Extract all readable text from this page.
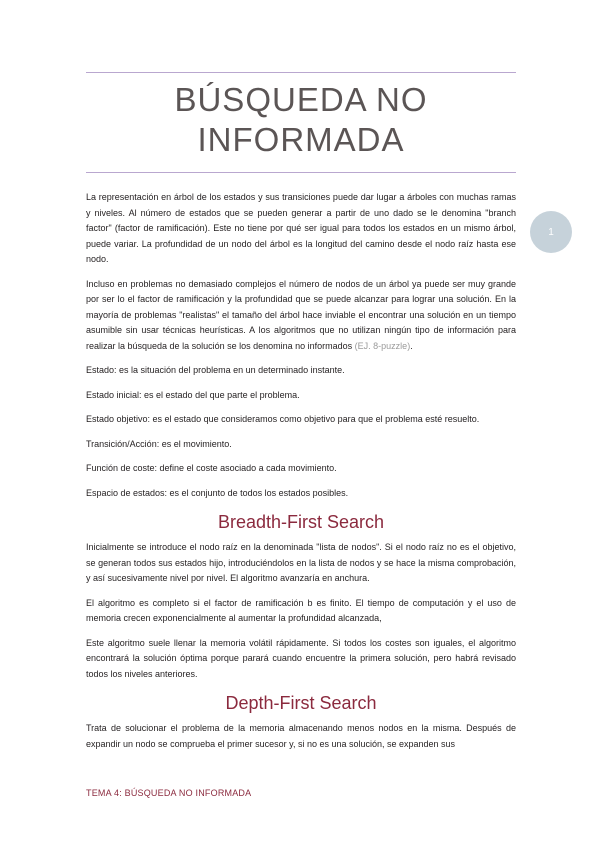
BÚSQUEDA NO
INFORMADA
1

La representación en árbol de los estados y sus transiciones puede dar lugar a árboles con muchas ramas y niveles. Al número de estados que se pueden generar a partir de uno dado se le denomina "branch factor" (factor de ramificación). Este no tiene por qué ser igual para todos los estados en un mismo árbol, puede variar. La profundidad de un nodo del árbol es la longitud del camino desde el nodo raíz hasta ese nodo.

Incluso en problemas no demasiado complejos el número de nodos de un árbol ya puede ser muy grande por ser lo el factor de ramificación y la profundidad que se puede alcanzar para lograr una solución. En la mayoría de problemas "realistas" el tamaño del árbol hace inviable el encontrar una solución en un tiempo asumible sin usar técnicas heurísticas. A los algoritmos que no utilizan ningún tipo de información para realizar la búsqueda de la solución se los denomina no informados (EJ. 8-puzzle).

Estado: es la situación del problema en un determinado instante.

Estado inicial: es el estado del que parte el problema.

Estado objetivo: es el estado que consideramos como objetivo para que el problema esté resuelto.

Transición/Acción: es el movimiento.

Función de coste: define el coste asociado a cada movimiento.

Espacio de estados: es el conjunto de todos los estados posibles.

Breadth-First Search

Inicialmente se introduce el nodo raíz en la denominada "lista de nodos". Si el nodo raíz no es el objetivo, se generan todos sus estados hijo, introduciéndolos en la lista de nodos y se hace la misma comprobación, y así sucesivamente nivel por nivel. El algoritmo avanzaría en anchura.

El algoritmo es completo si el factor de ramificación b es finito. El tiempo de computación y el uso de memoria crecen exponencialmente al aumentar la profundidad alcanzada,

Este algoritmo suele llenar la memoria volátil rápidamente. Si todos los costes son iguales, el algoritmo encontrará la solución óptima porque parará cuando encuentre la primera solución, pero habrá revisado todos los niveles anteriores.

Depth-First Search

Trata de solucionar el problema de la memoria almacenando menos nodos en la misma. Después de expandir un nodo se comprueba el primer sucesor y, si no es una solución, se expanden sus

TEMA 4: BÚSQUEDA NO INFORMADA
